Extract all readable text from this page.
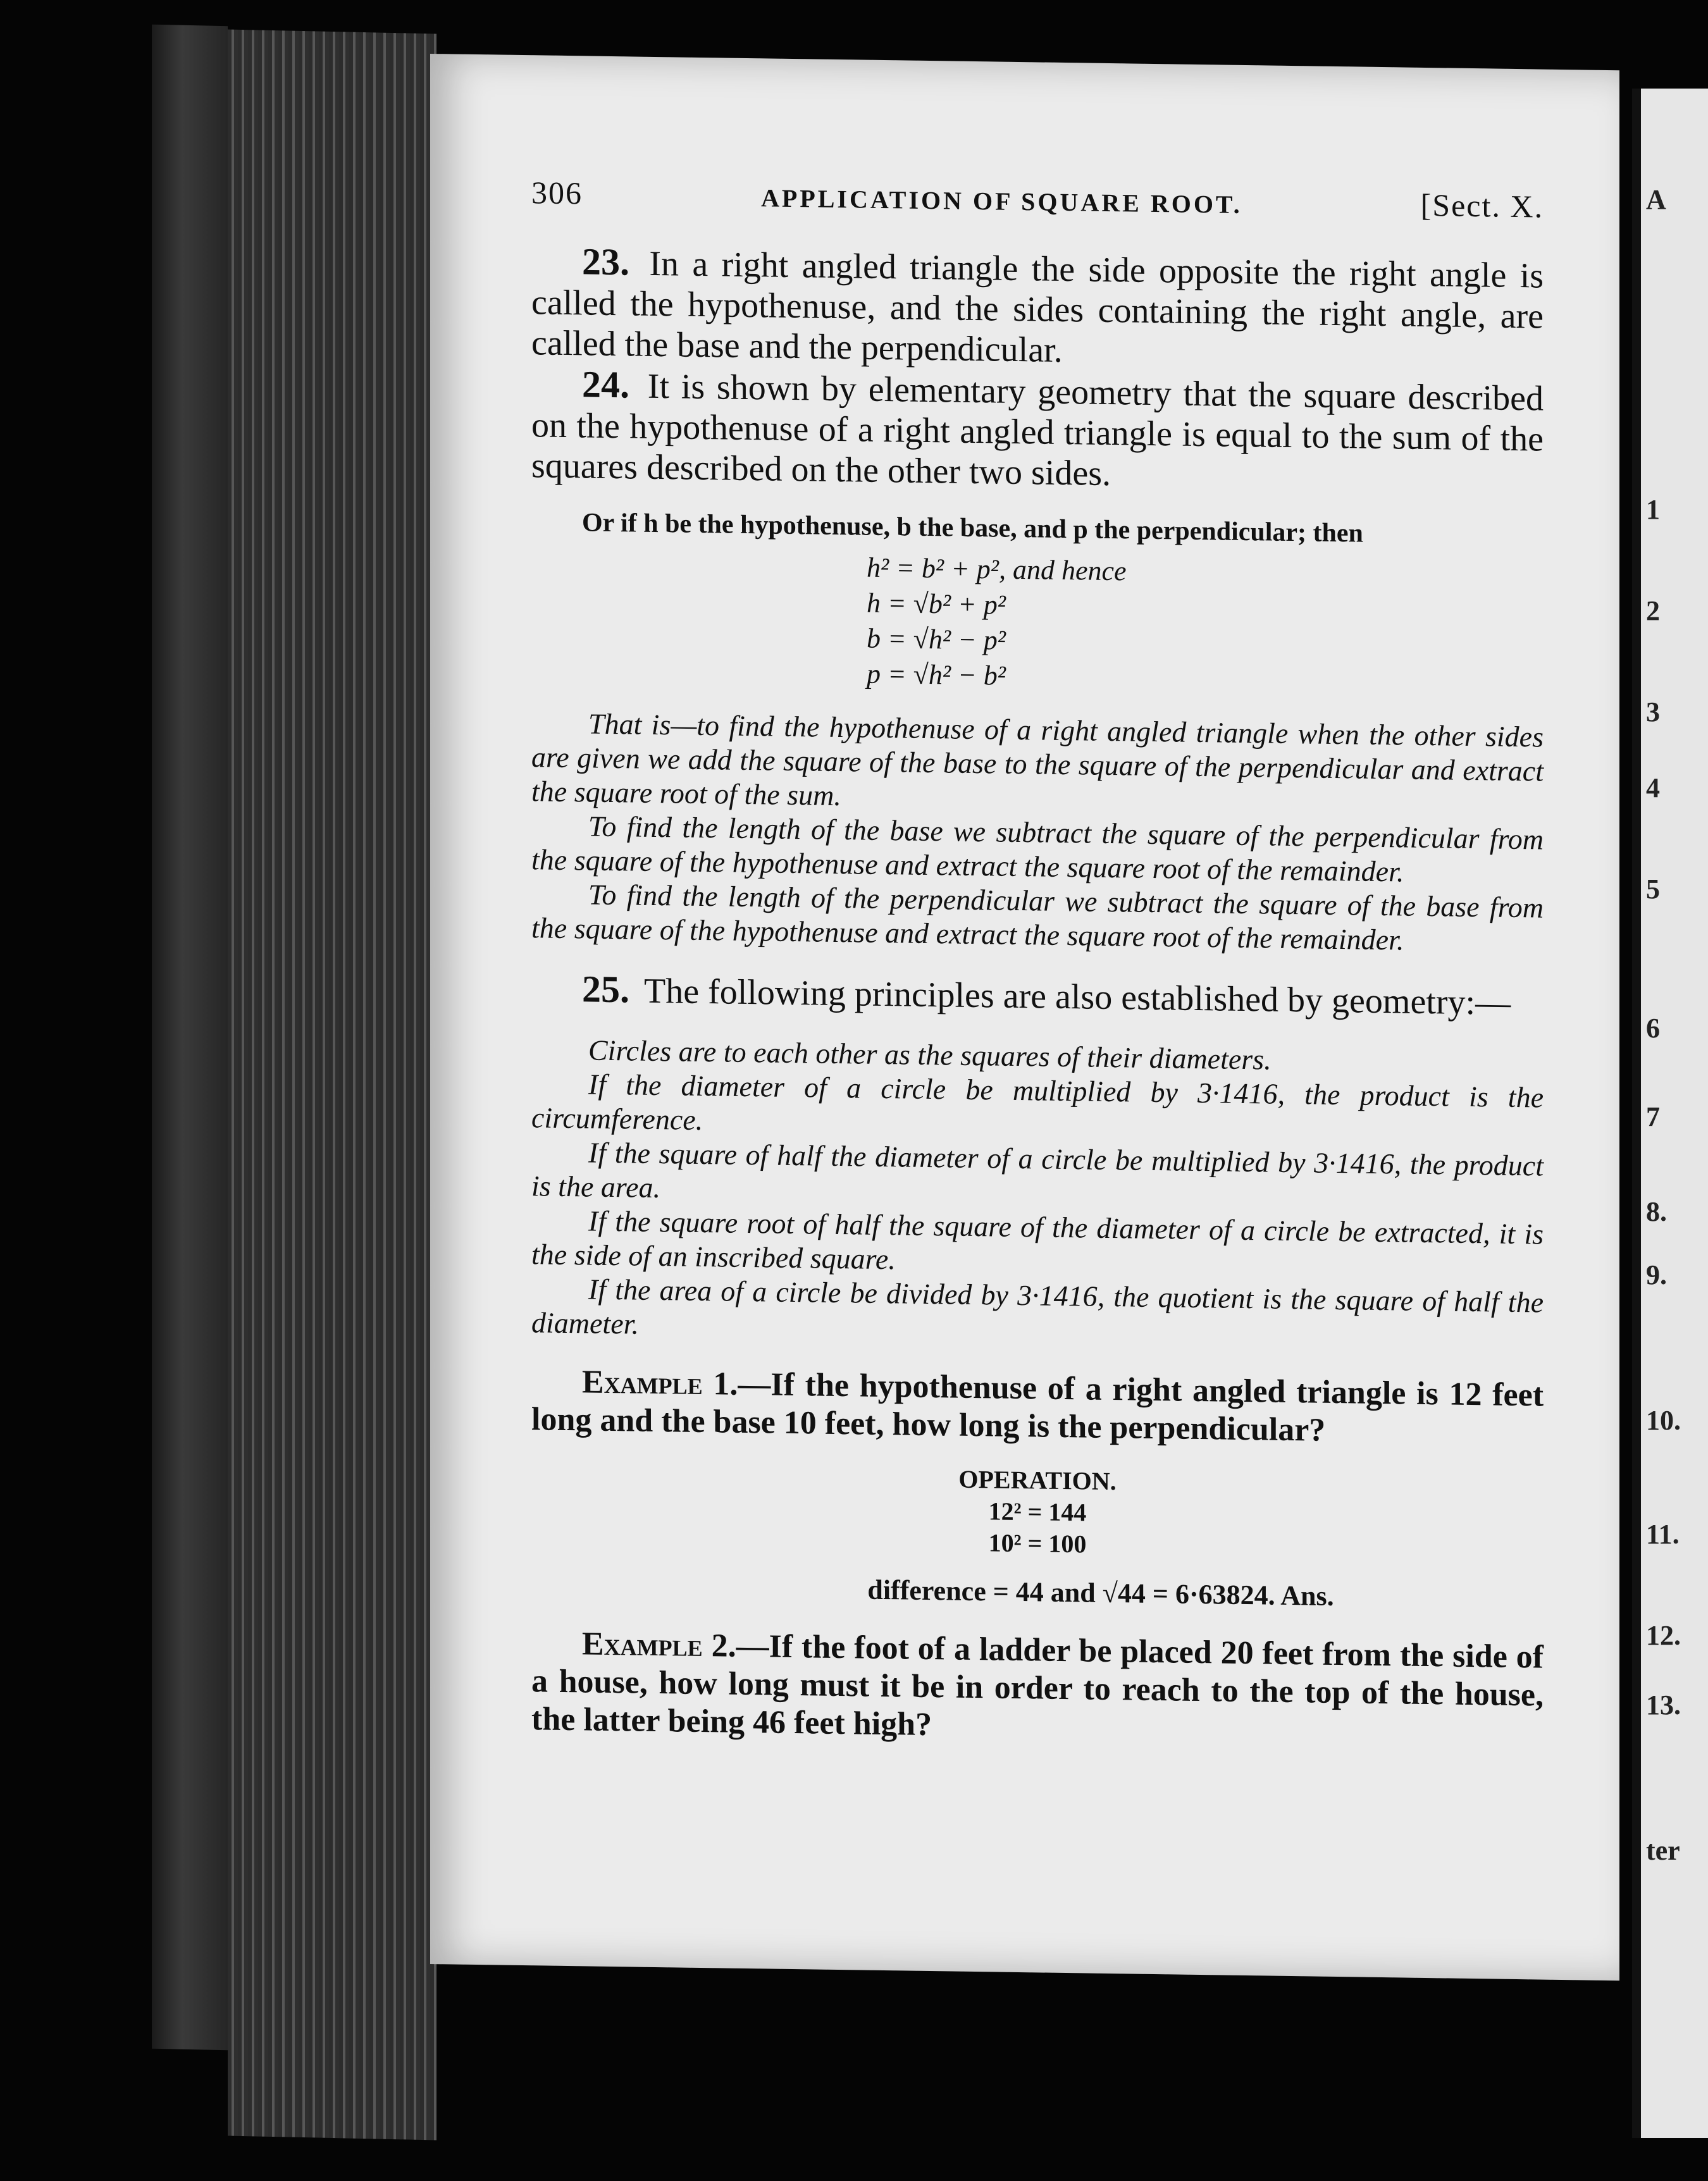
A
1
2
3
4
5
6
7
8.
9.
10.
11.
12.
13.
ter
306	APPLICATION OF SQUARE ROOT.	[Sect. X.

23. In a right angled triangle the side opposite the right angle is called the hypothenuse, and the sides containing the right angle, are called the base and the perpendicular.

24. It is shown by elementary geometry that the square described on the hypothenuse of a right angled triangle is equal to the sum of the squares described on the other two sides.

Or if h be the hypothenuse, b the base, and p the perpendicular; then

h² = b² + p², and hence
h = √b² + p²
b = √h² − p²
p = √h² − b²

That is—to find the hypothenuse of a right angled triangle when the other sides are given we add the square of the base to the square of the perpendicular and extract the square root of the sum.

To find the length of the base we subtract the square of the perpendicular from the square of the hypothenuse and extract the square root of the remainder.

To find the length of the perpendicular we subtract the square of the base from the square of the hypothenuse and extract the square root of the remainder.

25. The following principles are also established by geometry:—

Circles are to each other as the squares of their diameters.

If the diameter of a circle be multiplied by 3·1416, the product is the circumference.

If the square of half the diameter of a circle be multiplied by 3·1416, the product is the area.

If the square root of half the square of the diameter of a circle be extracted, it is the side of an inscribed square.

If the area of a circle be divided by 3·1416, the quotient is the square of half the diameter.

Example 1.—If the hypothenuse of a right angled triangle is 12 feet long and the base 10 feet, how long is the perpendicular?

OPERATION.
12² = 144
10² = 100
difference = 44 and √44 = 6·63824. Ans.

Example 2.—If the foot of a ladder be placed 20 feet from the side of a house, how long must it be in order to reach to the top of the house, the latter being 46 feet high?
